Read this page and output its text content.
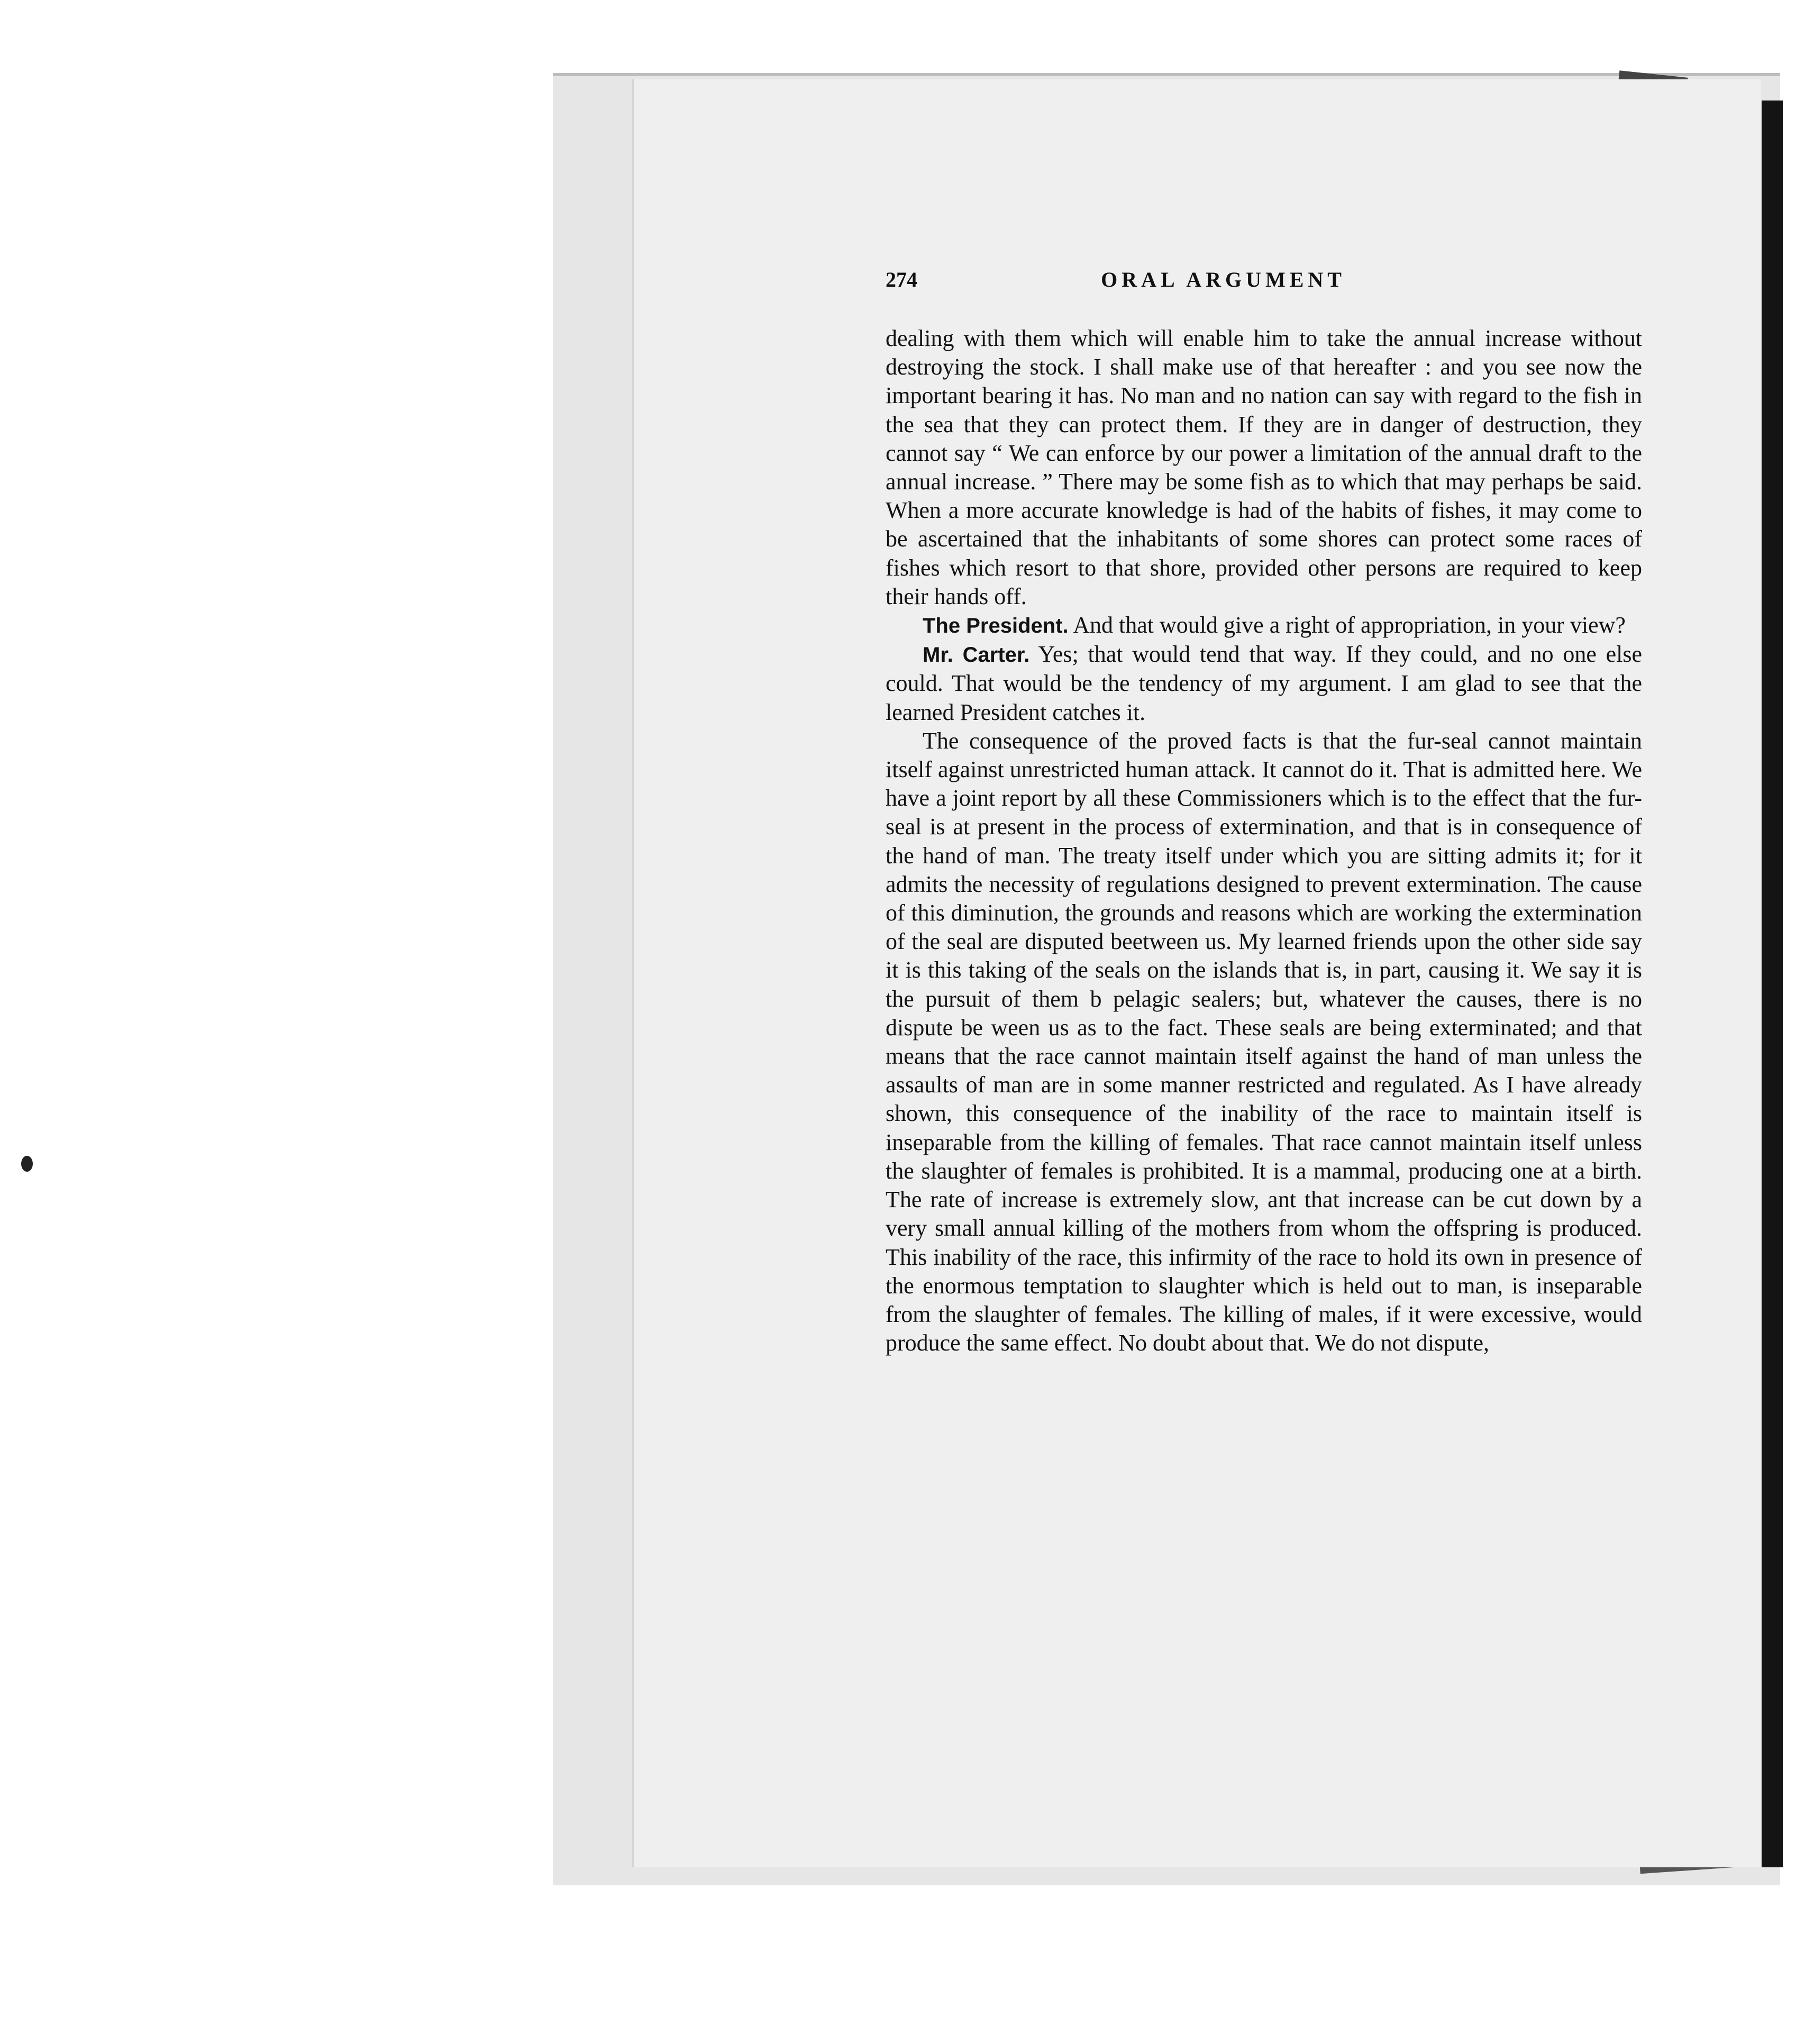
274	ORAL ARGUMENT

dealing with them which will enable him to take the annual increase without destroying the stock. I shall make use of that hereafter : and you see now the important bearing it has. No man and no nation can say with regard to the fish in the sea that they can protect them. If they are in danger of destruction, they cannot say “ We can enforce by our power a limitation of the annual draft to the annual increase. ” There may be some fish as to which that may perhaps be said. When a more accurate knowledge is had of the habits of fishes, it may come to be ascertained that the inhabitants of some shores can protect some races of fishes which resort to that shore, provided other persons are required to keep their hands off.

The President. And that would give a right of appropriation, in your view?

Mr. Carter. Yes; that would tend that way. If they could, and no one else could. That would be the tendency of my argument. I am glad to see that the learned President catches it.

The consequence of the proved facts is that the fur-seal cannot maintain itself against unrestricted human attack. It cannot do it. That is admitted here. We have a joint report by all these Commissioners which is to the effect that the fur-seal is at present in the process of extermination, and that is in consequence of the hand of man. The treaty itself under which you are sitting admits it; for it admits the necessity of regulations designed to prevent extermination. The cause of this diminution, the grounds and reasons which are working the extermination of the seal are disputed beetween us. My learned friends upon the other side say it is this taking of the seals on the islands that is, in part, causing it. We say it is the pursuit of them b pelagic sealers; but, whatever the causes, there is no dispute be ween us as to the fact. These seals are being exterminated; and that means that the race cannot maintain itself against the hand of man unless the assaults of man are in some manner restricted and regulated. As I have already shown, this consequence of the inability of the race to maintain itself is inseparable from the killing of females. That race cannot maintain itself unless the slaughter of females is prohibited. It is a mammal, producing one at a birth. The rate of increase is extremely slow, ant that increase can be cut down by a very small annual killing of the mothers from whom the offspring is produced. This inability of the race, this infirmity of the race to hold its own in presence of the enormous temptation to slaughter which is held out to man, is inseparable from the slaughter of females. The killing of males, if it were excessive, would produce the same effect. No doubt about that. We do not dispute,
